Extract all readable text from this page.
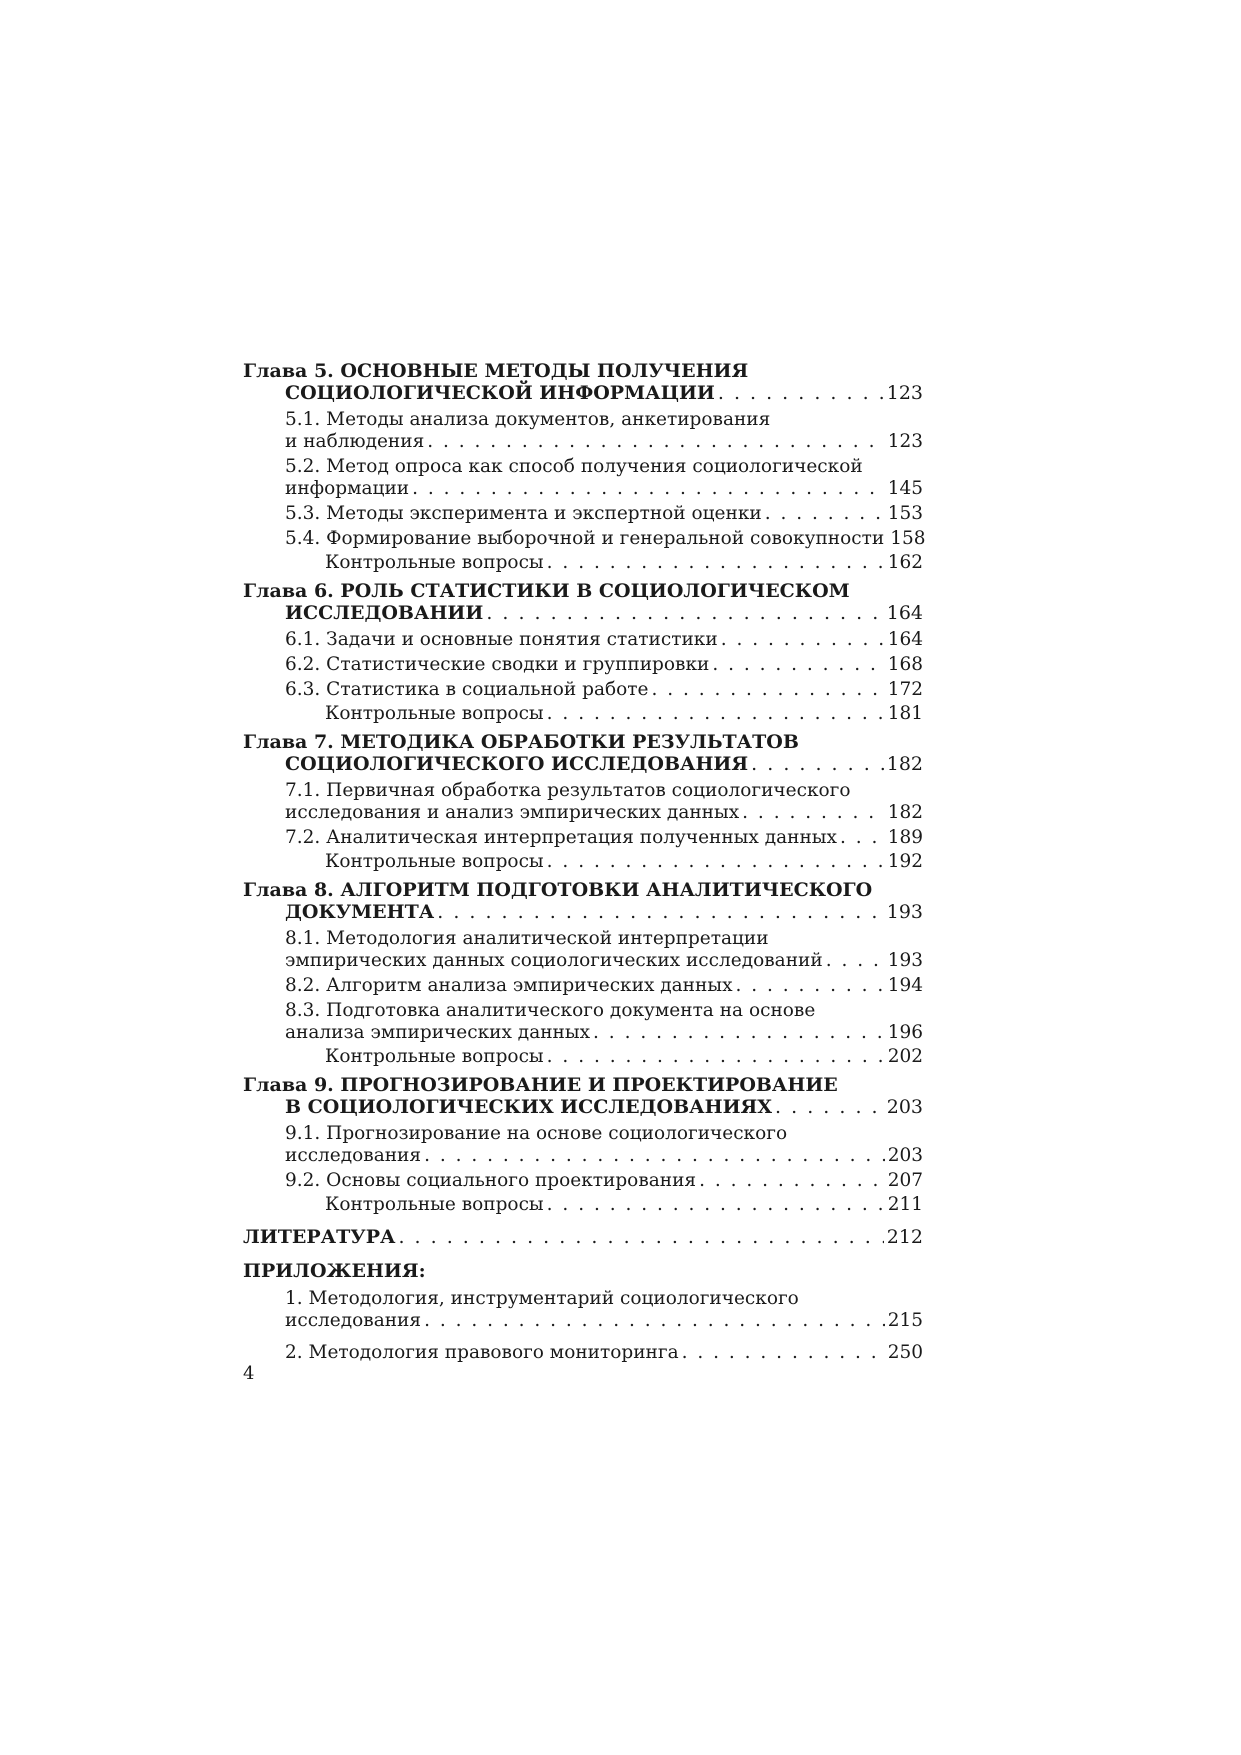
Глава 5. ОСНОВНЫЕ МЕТОДЫ ПОЛУЧЕНИЯ
СОЦИОЛОГИЧЕСКОЙ ИНФОРМАЦИИ . . .	123
5.1. Методы анализа документов, анкетирования
и наблюдения . . .	123
5.2. Метод опроса как способ получения социологической
информации . . .	145
5.3. Методы эксперимента и экспертной оценки . . .	153
5.4. Формирование выборочной и генеральной совокупности 158
Контрольные вопросы . . .	162
Глава 6. РОЛЬ СТАТИСТИКИ В СОЦИОЛОГИЧЕСКОМ
ИССЛЕДОВАНИИ . . .	164
6.1. Задачи и основные понятия статистики . . .	164
6.2. Статистические сводки и группировки . . .	168
6.3. Статистика в социальной работе . . .	172
Контрольные вопросы . . .	181
Глава 7. МЕТОДИКА ОБРАБОТКИ РЕЗУЛЬТАТОВ
СОЦИОЛОГИЧЕСКОГО ИССЛЕДОВАНИЯ . . .	182
7.1. Первичная обработка результатов социологического
исследования и анализ эмпирических данных . . .	182
7.2. Аналитическая интерпретация полученных данных . . .	189
Контрольные вопросы . . .	192
Глава 8. АЛГОРИТМ ПОДГОТОВКИ АНАЛИТИЧЕСКОГО
ДОКУМЕНТА . . .	193
8.1. Методология аналитической интерпретации
эмпирических данных социологических исследований . . .	193
8.2. Алгоритм анализа эмпирических данных . . .	194
8.3. Подготовка аналитического документа на основе
анализа эмпирических данных . . .	196
Контрольные вопросы . . .	202
Глава 9. ПРОГНОЗИРОВАНИЕ И ПРОЕКТИРОВАНИЕ
В СОЦИОЛОГИЧЕСКИХ ИССЛЕДОВАНИЯХ . . .	203
9.1. Прогнозирование на основе социологического
исследования . . .	203
9.2. Основы социального проектирования . . .	207
Контрольные вопросы . . .	211
ЛИТЕРАТУРА . . .	212
ПРИЛОЖЕНИЯ:
1. Методология, инструментарий социологического
исследования . . .	215
2. Методология правового мониторинга . . .	250
4
